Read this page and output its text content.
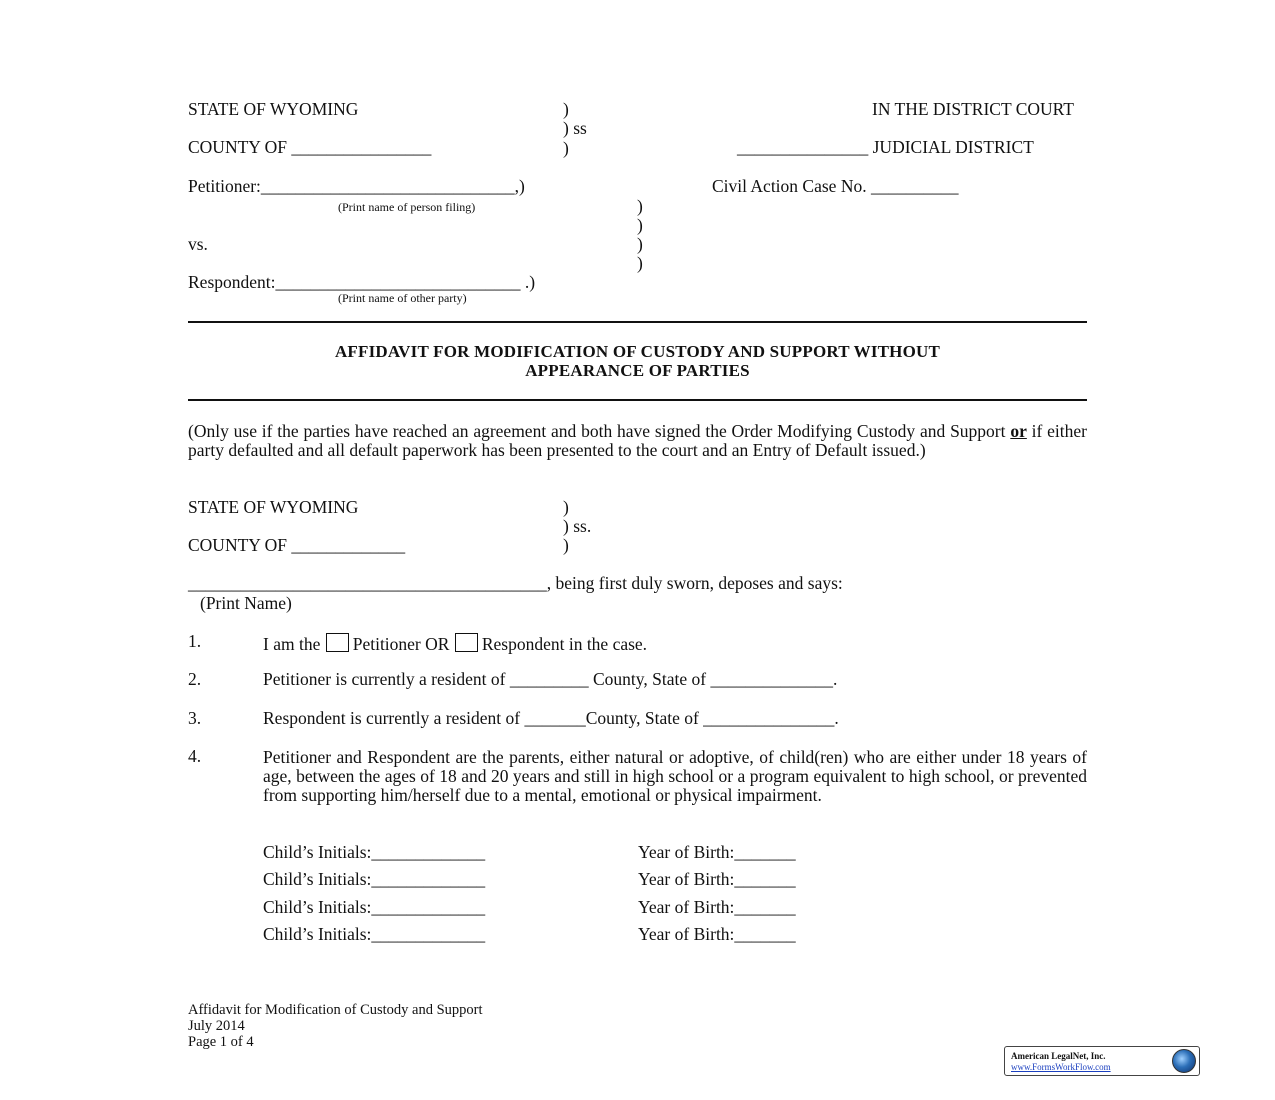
STATE OF WYOMING	)
) ss
)
IN THE DISTRICT COURT
COUNTY OF ________________	_______________ JUDICIAL DISTRICT
Petitioner:_____________________________,)	Civil Action Case No. __________
(Print name of person filing)	)
)
vs.	)
)
Respondent:____________________________ .)
(Print name of other party)
AFFIDAVIT FOR MODIFICATION OF CUSTODY AND SUPPORT WITHOUT
APPEARANCE OF PARTIES
(Only use if the parties have reached an agreement and both have signed the Order Modifying Custody and Support or if either party defaulted and all default paperwork has been presented to the court and an Entry of Default issued.)
STATE OF WYOMING	)
) ss.
COUNTY OF _____________	)
_________________________________________, being first duly sworn, deposes and says:
(Print Name)
1.	I am the Petitioner OR Respondent in the case.
2.	Petitioner is currently a resident of _________ County, State of ______________.
3.	Respondent is currently a resident of _______County, State of _______________.
4.	Petitioner and Respondent are the parents, either natural or adoptive, of child(ren) who are either under 18 years of age, between the ages of 18 and 20 years and still in high school or a program equivalent to high school, or prevented from supporting him/herself due to a mental, emotional or physical impairment.
Child’s Initials:_____________	Year of Birth:_______
Child’s Initials:_____________	Year of Birth:_______
Child’s Initials:_____________	Year of Birth:_______
Child’s Initials:_____________	Year of Birth:_______
Affidavit for Modification of Custody and Support
July 2014
Page 1 of 4
American LegalNet, Inc.
www.FormsWorkFlow.com
